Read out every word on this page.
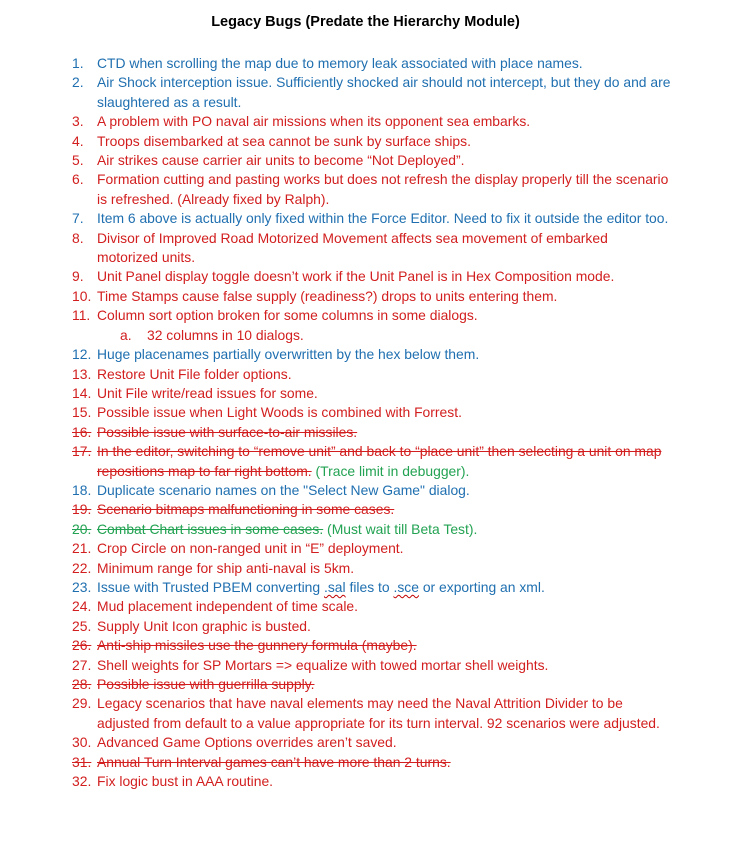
Legacy Bugs (Predate the Hierarchy Module)
1. CTD when scrolling the map due to memory leak associated with place names.
2. Air Shock interception issue. Sufficiently shocked air should not intercept, but they do and are slaughtered as a result.
3. A problem with PO naval air missions when its opponent sea embarks.
4. Troops disembarked at sea cannot be sunk by surface ships.
5. Air strikes cause carrier air units to become “Not Deployed”.
6. Formation cutting and pasting works but does not refresh the display properly till the scenario is refreshed. (Already fixed by Ralph).
7. Item 6 above is actually only fixed within the Force Editor. Need to fix it outside the editor too.
8. Divisor of Improved Road Motorized Movement affects sea movement of embarked motorized units.
9. Unit Panel display toggle doesn’t work if the Unit Panel is in Hex Composition mode.
10. Time Stamps cause false supply (readiness?) drops to units entering them.
11. Column sort option broken for some columns in some dialogs.
a. 32 columns in 10 dialogs.
12. Huge placenames partially overwritten by the hex below them.
13. Restore Unit File folder options.
14. Unit File write/read issues for some.
15. Possible issue when Light Woods is combined with Forrest.
16. Possible issue with surface-to-air missiles.
17. In the editor, switching to “remove unit” and back to “place unit” then selecting a unit on map repositions map to far right bottom. (Trace limit in debugger).
18. Duplicate scenario names on the "Select New Game" dialog.
19. Scenario bitmaps malfunctioning in some cases.
20. Combat Chart issues in some cases. (Must wait till Beta Test).
21. Crop Circle on non-ranged unit in “E” deployment.
22. Minimum range for ship anti-naval is 5km.
23. Issue with Trusted PBEM converting .sal files to .sce or exporting an xml.
24. Mud placement independent of time scale.
25. Supply Unit Icon graphic is busted.
26. Anti-ship missiles use the gunnery formula (maybe).
27. Shell weights for SP Mortars => equalize with towed mortar shell weights.
28. Possible issue with guerrilla supply.
29. Legacy scenarios that have naval elements may need the Naval Attrition Divider to be adjusted from default to a value appropriate for its turn interval. 92 scenarios were adjusted.
30. Advanced Game Options overrides aren’t saved.
31. Annual Turn Interval games can’t have more than 2 turns.
32. Fix logic bust in AAA routine.
